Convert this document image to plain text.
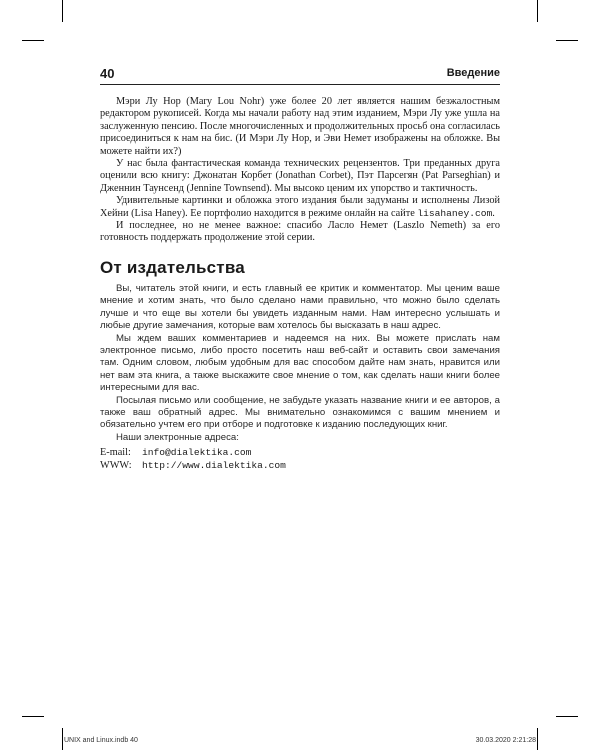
40	Введение

Мэри Лу Нор (Mary Lou Nohr) уже более 20 лет является нашим безжалостным редактором рукописей. Когда мы начали работу над этим изданием, Мэри Лу уже ушла на заслуженную пенсию. После многочисленных и продолжительных просьб она согласилась присоединиться к нам на бис. (И Мэри Лу Нор, и Эви Немет изображены на обложке. Вы можете найти их?)

У нас была фантастическая команда технических рецензентов. Три преданных друга оценили всю книгу: Джонатан Корбет (Jonathan Corbet), Пэт Парсегян (Pat Parseghian) и Дженнин Таунсенд (Jennine Townsend). Мы высоко ценим их упорство и тактичность.

Удивительные картинки и обложка этого издания были задуманы и исполнены Лизой Хейни (Lisa Haney). Ее портфолио находится в режиме онлайн на сайте lisahaney.com.

И последнее, но не менее важное: спасибо Ласло Немет (Laszlo Nemeth) за его готовность поддержать продолжение этой серии.

От издательства

Вы, читатель этой книги, и есть главный ее критик и комментатор. Мы ценим ваше мнение и хотим знать, что было сделано нами правильно, что можно было сделать лучше и что еще вы хотели бы увидеть изданным нами. Нам интересно услышать и любые другие замечания, которые вам хотелось бы высказать в наш адрес.

Мы ждем ваших комментариев и надеемся на них. Вы можете прислать нам электронное письмо, либо просто посетить наш веб-сайт и оставить свои замечания там. Одним словом, любым удобным для вас способом дайте нам знать, нравится или нет вам эта книга, а также выскажите свое мнение о том, как сделать наши книги более интересными для вас.

Посылая письмо или сообщение, не забудьте указать название книги и ее авторов, а также ваш обратный адрес. Мы внимательно ознакомимся с вашим мнением и обязательно учтем его при отборе и подготовке к изданию последующих книг.

Наши электронные адреса:

E-mail: info@dialektika.com
WWW: http://www.dialektika.com
UNIX and Linux.indb 40	30.03.2020 2:21:28
